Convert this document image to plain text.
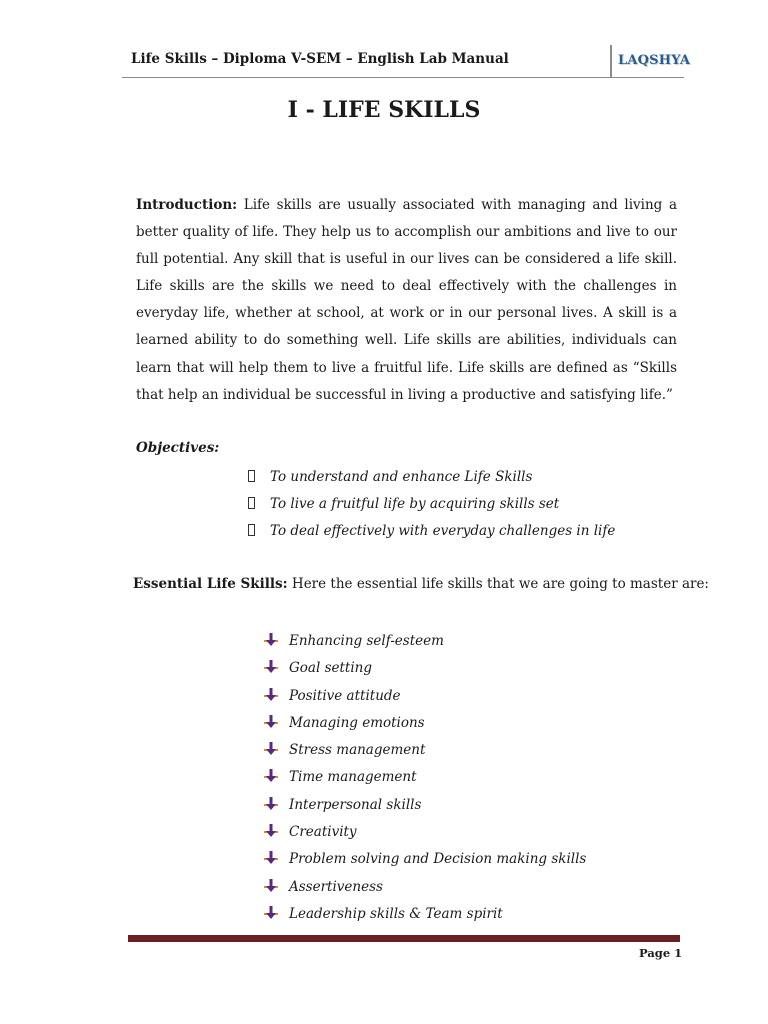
Life Skills – Diploma V-SEM – English Lab Manual	LAQSHYA
I - LIFE SKILLS

Introduction: Life skills are usually associated with managing and living a better quality of life. They help us to accomplish our ambitions and live to our full potential. Any skill that is useful in our lives can be considered a life skill. Life skills are the skills we need to deal effectively with the challenges in everyday life, whether at school, at work or in our personal lives. A skill is a learned ability to do something well. Life skills are abilities, individuals can learn that will help them to live a fruitful life. Life skills are defined as “Skills that help an individual be successful in living a productive and satisfying life.”

Objectives:
To understand and enhance Life Skills
To live a fruitful life by acquiring skills set
To deal effectively with everyday challenges in life
Essential Life Skills: Here the essential life skills that we are going to master are:
Enhancing self-esteem
Goal setting
Positive attitude
Managing emotions
Stress management
Time management
Interpersonal skills
Creativity
Problem solving and Decision making skills
Assertiveness
Leadership skills & Team spirit
Page 1
